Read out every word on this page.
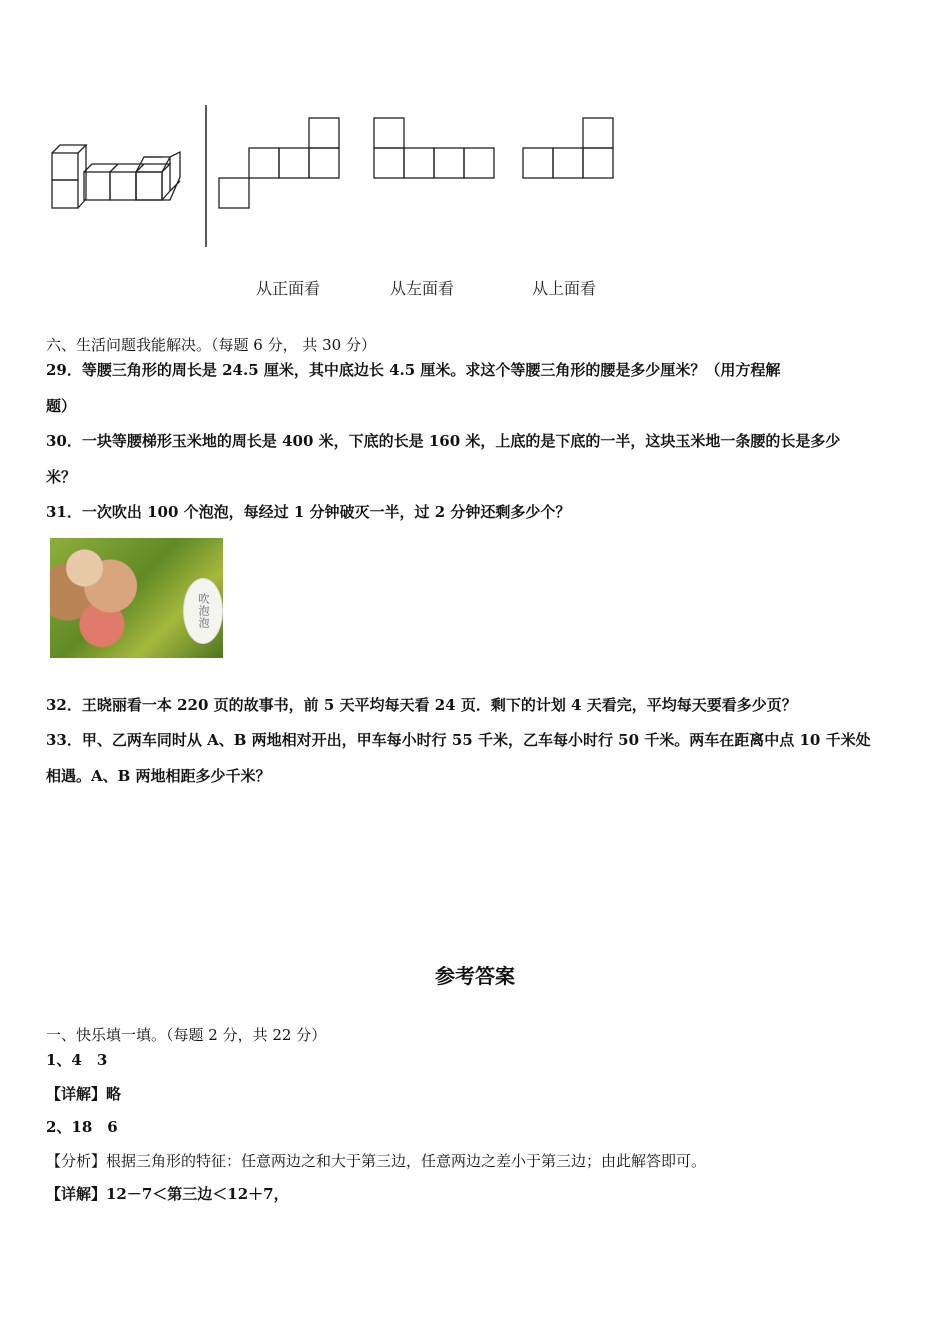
从正面看	从左面看	从上面看
六、生活问题我能解决。（每题 6 分， 共 30 分）
29．等腰三角形的周长是 24.5 厘米，其中底边长 4.5 厘米。求这个等腰三角形的腰是多少厘米？（用方程解
题）
30．一块等腰梯形玉米地的周长是 400 米，下底的长是 160 米，上底的是下底的一半，这块玉米地一条腰的长是多少
米？
31．一次吹出 100 个泡泡，每经过 1 分钟破灭一半，过 2 分钟还剩多少个？
吹泡泡
32．王晓丽看一本 220 页的故事书，前 5 天平均每天看 24 页．剩下的计划 4 天看完，平均每天要看多少页？
33．甲、乙两车同时从 A、B 两地相对开出，甲车每小时行 55 千米，乙车每小时行 50 千米。两车在距离中点 10 千米处
相遇。A、B 两地相距多少千米？
参考答案
一、快乐填一填。（每题 2 分，共 22 分）
1、4　3
【详解】略
2、18　6
【分析】根据三角形的特征：任意两边之和大于第三边，任意两边之差小于第三边；由此解答即可。
【详解】12－7＜第三边＜12＋7，
